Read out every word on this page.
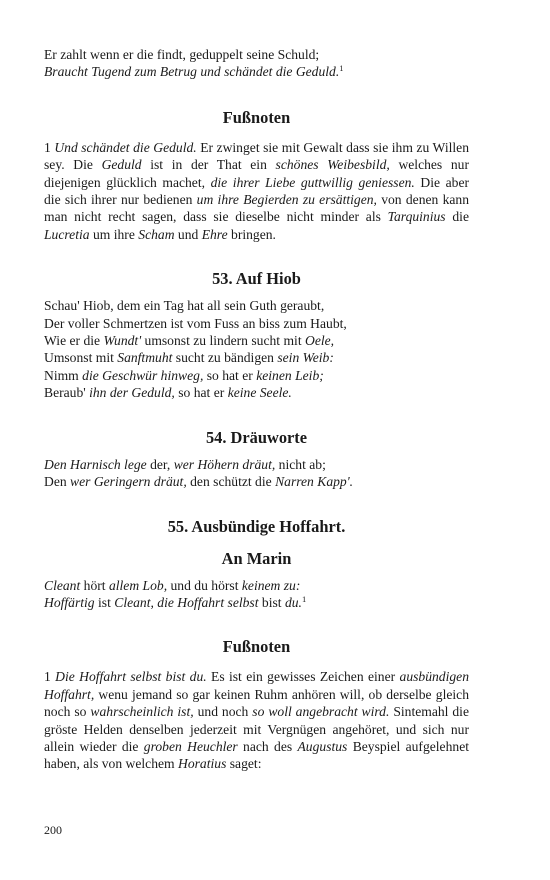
Er zahlt wenn er die findt, geduppelt seine Schuld;
Braucht Tugend zum Betrug und schändet die Geduld.$^1$
Fußnoten

1 Und schändet die Geduld. Er zwinget sie mit Gewalt dass sie ihm zu Willen sey. Die Geduld ist in der That ein schönes Weibesbild, welches nur diejenigen glücklich machet, die ihrer Liebe guttwillig geniessen. Die aber die sich ihrer nur bedienen um ihre Begierden zu ersättigen, von denen kann man nicht recht sagen, dass sie dieselbe nicht minder als Tarquinius die Lucretia um ihre Scham und Ehre bringen.

53. Auf Hiob
Schau' Hiob, dem ein Tag hat all sein Guth geraubt,
Der voller Schmertzen ist vom Fuss an biss zum Haubt,
Wie er die Wundt' umsonst zu lindern sucht mit Oele,
Umsonst mit Sanftmuht sucht zu bändigen sein Weib:
Nimm die Geschwür hinweg, so hat er keinen Leib;
Beraub' ihn der Geduld, so hat er keine Seele.
54. Dräuworte
Den Harnisch lege der, wer Höhern dräut, nicht ab;
Den wer Geringern dräut, den schützt die Narren Kapp'.
55. Ausbündige Hoffahrt.
An Marin
Cleant hört allem Lob, und du hörst keinem zu:
Hoffärtig ist Cleant, die Hoffahrt selbst bist du.$^1$
Fußnoten

1 Die Hoffahrt selbst bist du. Es ist ein gewisses Zeichen einer ausbündigen Hoffahrt, wenu jemand so gar keinen Ruhm anhören will, ob derselbe gleich noch so wahrscheinlich ist, und noch so woll angebracht wird. Sintemahl die gröste Helden denselben jederzeit mit Vergnügen angehöret, und sich nur allein wieder die groben Heuchler nach des Augustus Beyspiel aufgelehnet haben, als von welchem Horatius saget:

200
